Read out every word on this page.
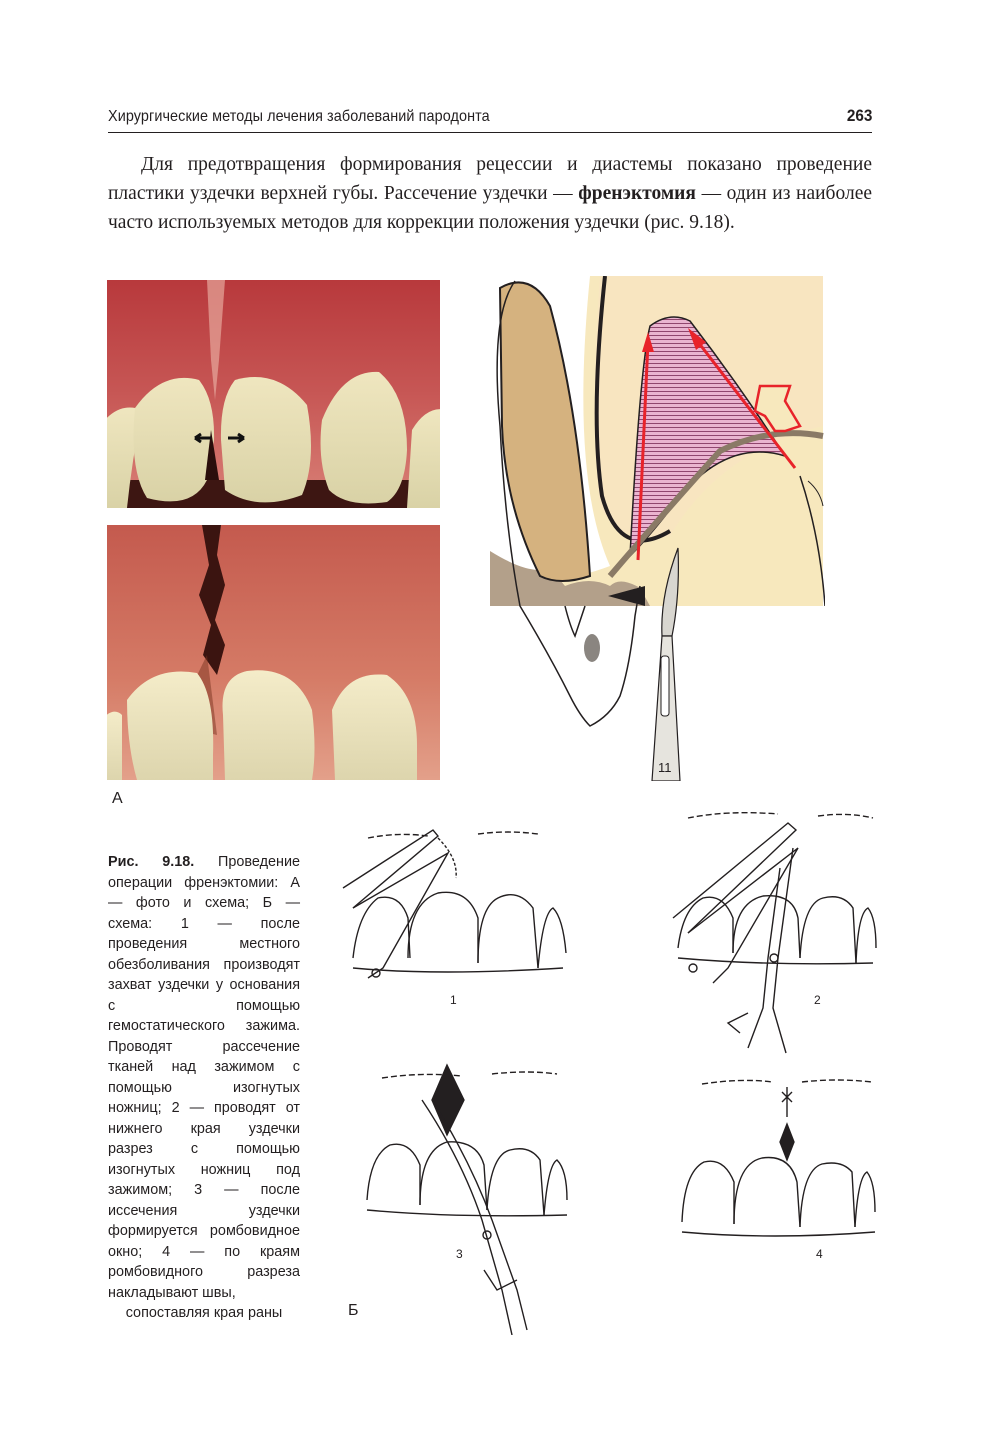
Хирургические методы лечения заболеваний пародонта	263

Для предотвращения формирования рецессии и диастемы показано проведение пластики уздечки верхней губы. Рассечение уздечки — френэктомия — один из наиболее часто используемых методов для коррекции положения уздечки (рис. 9.18).

А
11
Рис. 9.18. Проведение операции френэктомии: А — фото и схема; Б — схема: 1 — после проведения местного обезболивания производят захват уздечки у основания с помощью гемостатического зажима. Проводят рассечение тканей над зажимом с помощью изогнутых ножниц; 2 — проводят от нижнего края уздечки разрез с помощью изогнутых ножниц под зажимом; 3 — после иссечения уздечки формируется ромбовидное окно; 4 — по краям ромбовидного разреза накладывают швы,
сопоставляя края раны
1	2
3	4
Б
